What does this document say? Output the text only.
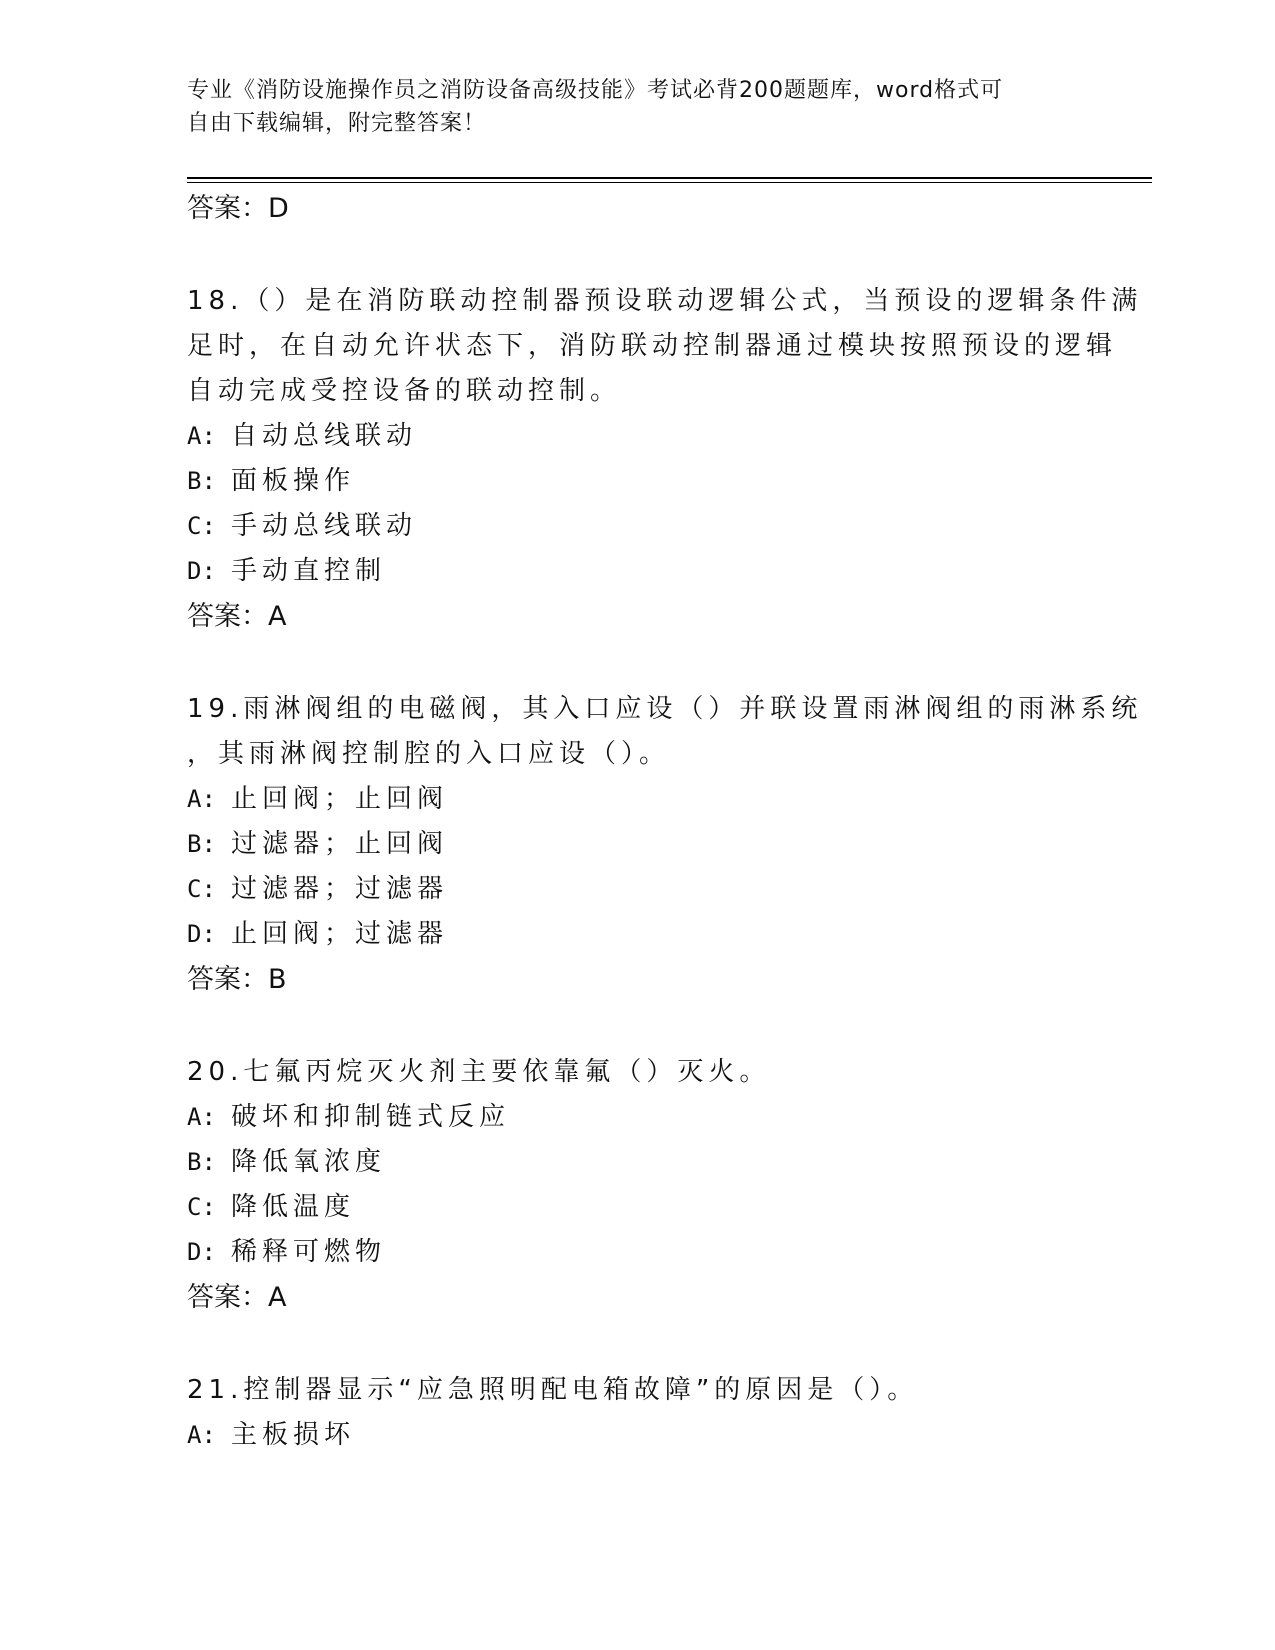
专业《消防设施操作员之消防设备高级技能》考试必背200题题库，word格式可
自由下载编辑，附完整答案！
答案：D
18.（）是在消防联动控制器预设联动逻辑公式，当预设的逻辑条件满
足时，在自动允许状态下，消防联动控制器通过模块按照预设的逻辑
自动完成受控设备的联动控制。
A: 自动总线联动
B: 面板操作
C: 手动总线联动
D: 手动直控制
答案：A
19.雨淋阀组的电磁阀，其入口应设（）并联设置雨淋阀组的雨淋系统
，其雨淋阀控制腔的入口应设（）。
A: 止回阀；止回阀
B: 过滤器；止回阀
C: 过滤器；过滤器
D: 止回阀；过滤器
答案：B
20.七氟丙烷灭火剂主要依靠氟（）灭火。
A: 破坏和抑制链式反应
B: 降低氧浓度
C: 降低温度
D: 稀释可燃物
答案：A
21.控制器显示“应急照明配电箱故障”的原因是（）。
A: 主板损坏
